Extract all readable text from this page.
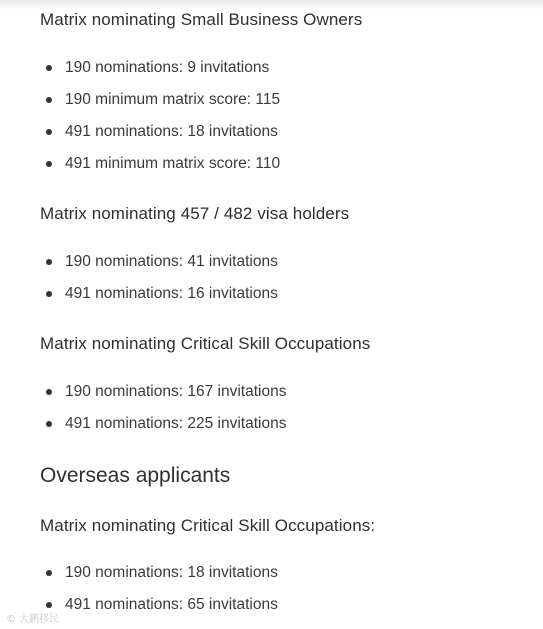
Matrix nominating Small Business Owners
190 nominations: 9 invitations
190 minimum matrix score: 115
491 nominations: 18 invitations
491 minimum matrix score: 110
Matrix nominating 457 / 482 visa holders
190 nominations: 41 invitations
491 nominations: 16 invitations
Matrix nominating Critical Skill Occupations
190 nominations: 167 invitations
491 nominations: 225 invitations
Overseas applicants
Matrix nominating Critical Skill Occupations:
190 nominations: 18 invitations
491 nominations: 65 invitations
© 大鹏移民
